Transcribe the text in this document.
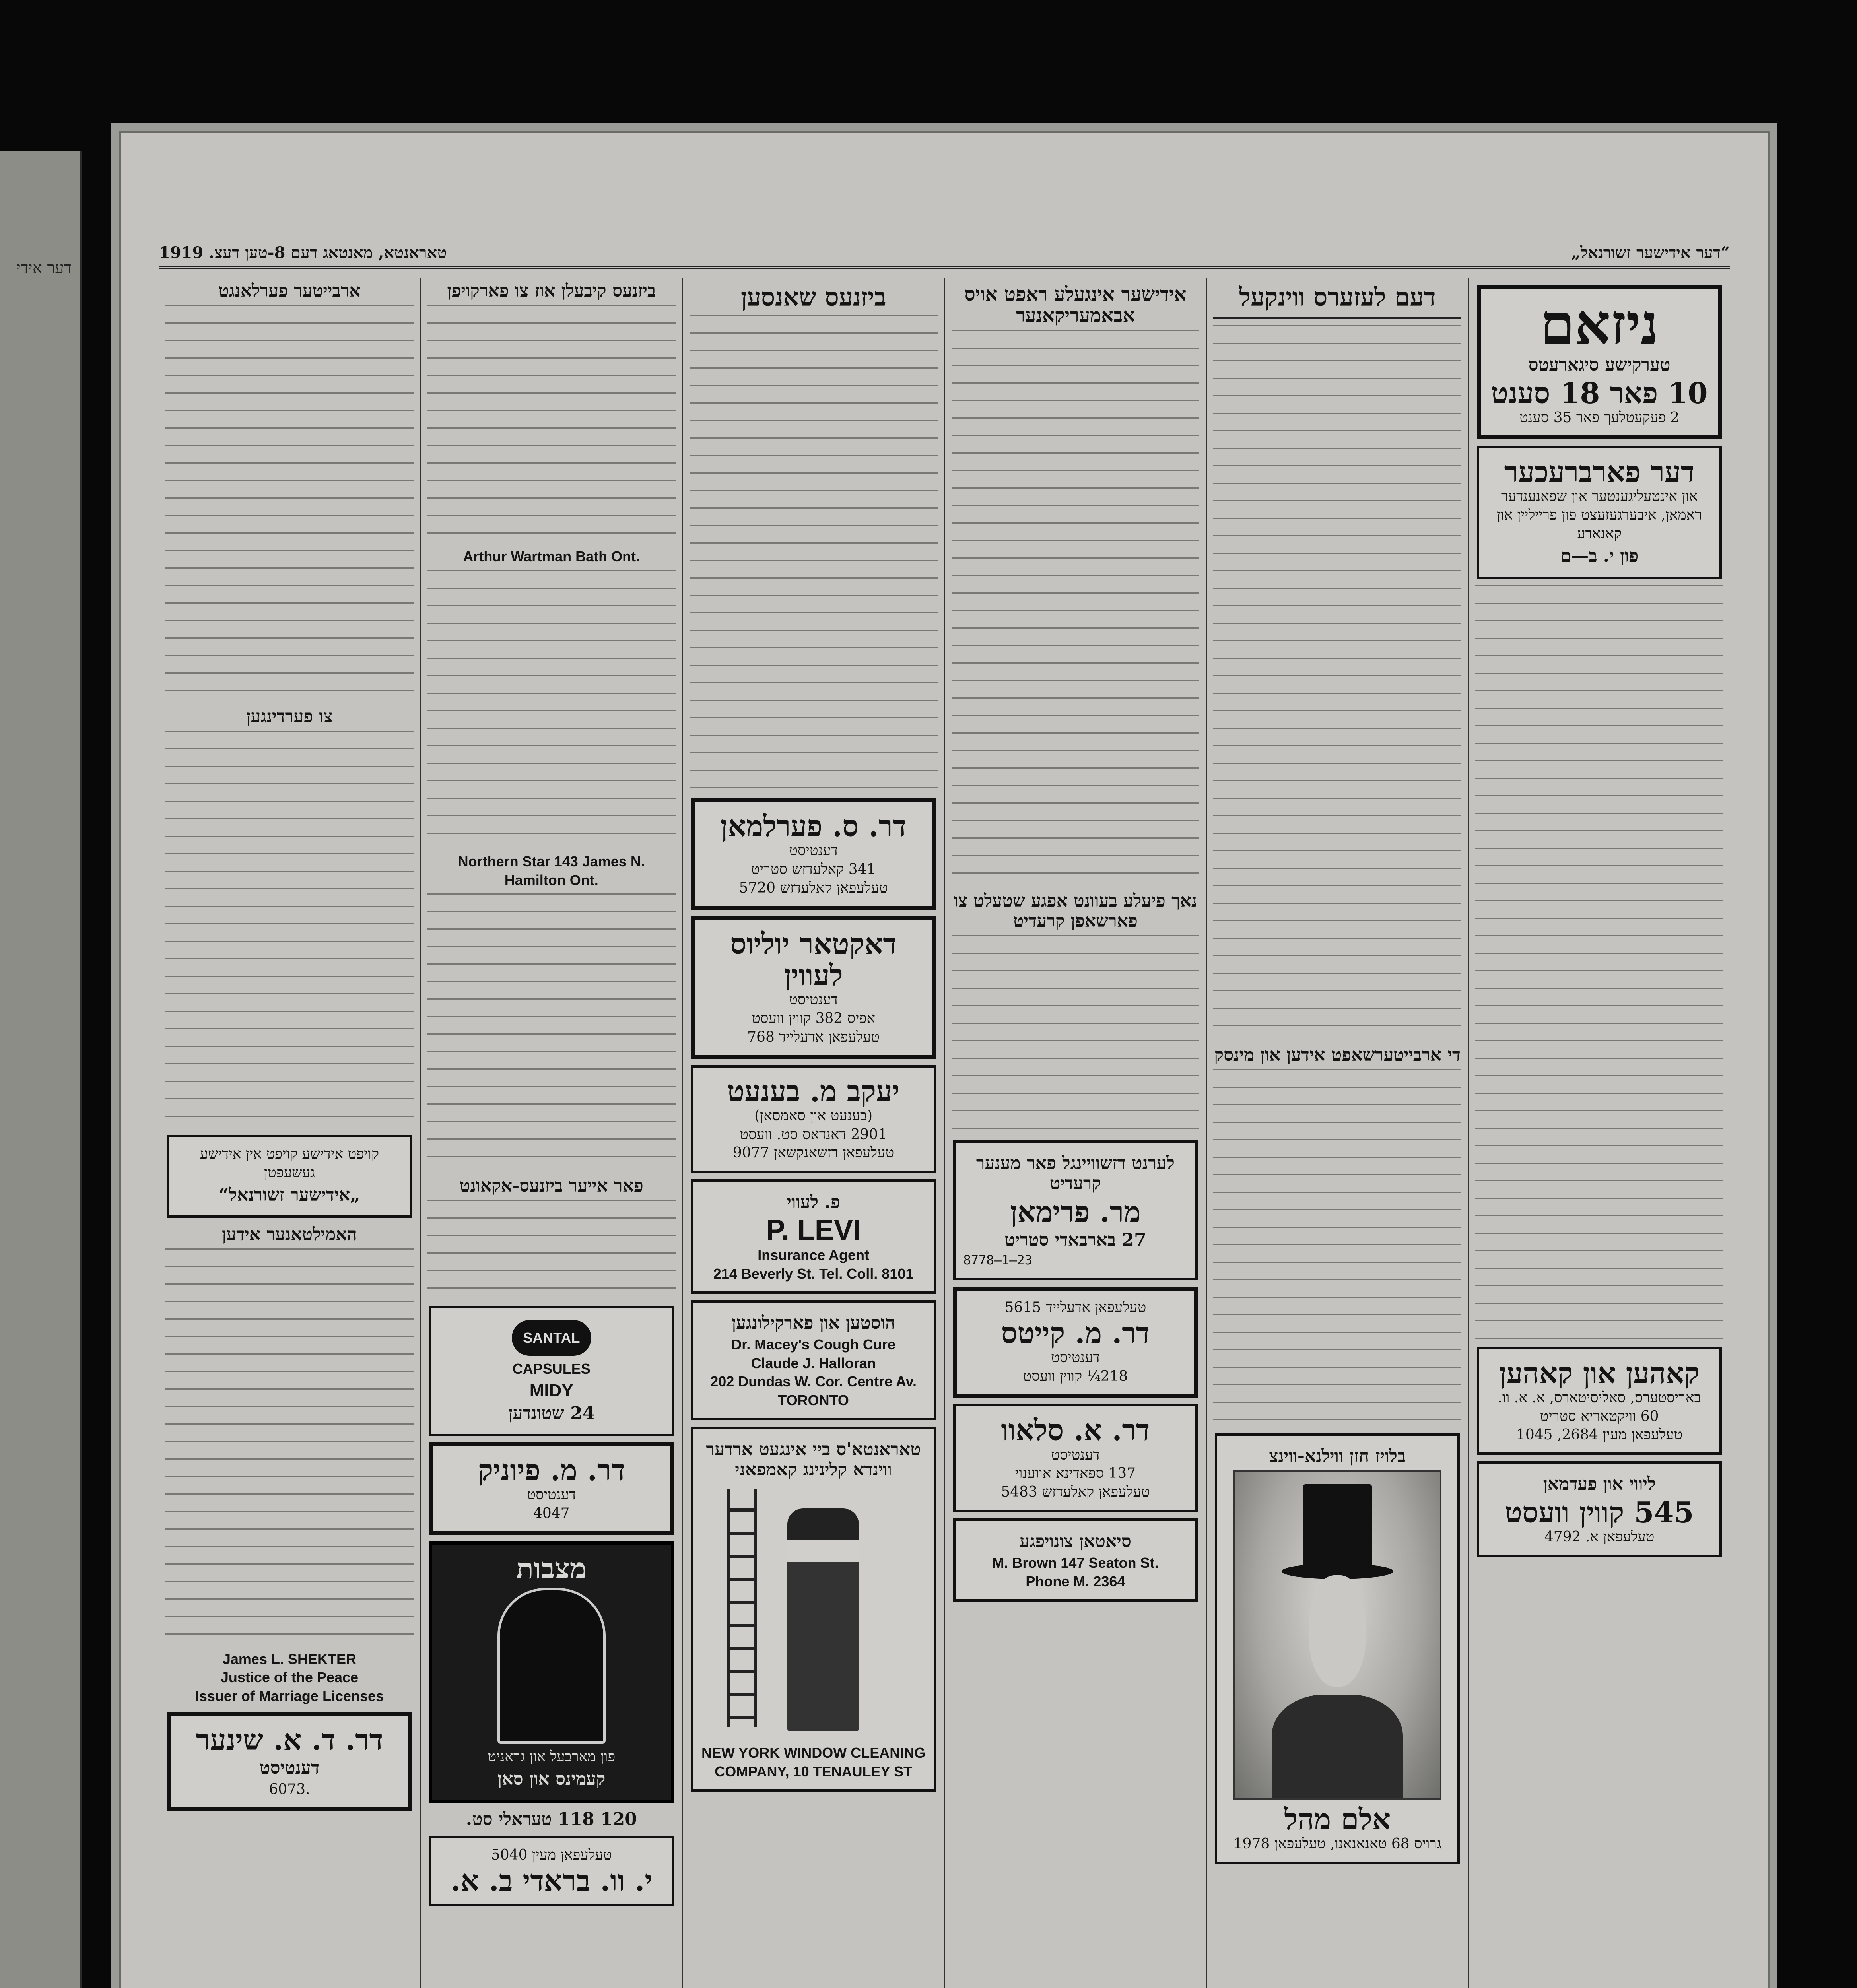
דער אידי
טאראנטא, מאנטאג דעם 8-טען דעצ. 1919	„דער אידישער זשורנאל“
ניזאם
טערקישע סיגארעטס
10 פאר 18 סענט
2 פעקעטלעך פאר 35 סענט
דער פארברעכער
און אינטעליגענטער און שפאנענדער ראמאן, איבערגעזעצט פון פרייליין און קאנאדע
פון י. ב—ם
קאהען און קאהען
באריסטערס, סאליסיטארס, א. א. וו.
60 וויקטאריא סטריט
טעלעפאן מעין 2684, 1045
ליווי און פעדמאן
545 קווין וועסט
טעלעפאן א. 4792
דעם לעזערס ווינקעל
די ארבייטערשאפט אידען און מינסק
בלויז חזן ווילנא-ווינצ
אלם מהל
גרויס 68 טאנאנאנו, טעלעפאן 1978
אידישער אינגעלע ראפט אויס אבאמעריקאנער
נאך פיעלע בעוונט אפגע שטעלט צו פארשאפן קרעדיט
לערנט דזשוויינגל פאר מענער קרעדיט
מר. פרימאן
27 בארבאדי סטריט
8778—1—23
טעלעפאן אדעלייד 5615
דר. מ. קייטס
דענטיסט
218¼ קווין וועסט
דר. א. סלאוו
דענטיסט
137 ספאדינא אווענוי
טעלעפאן קאלעדזש 5483
סיאטאן צונויפגע
M. Brown 147 Seaton St.
Phone M. 2364
ביזנעס שאנסען
דר. ס. פערלמאן
דענטיסט
341 קאלעדזש סטריט
טעלעפאן קאלעדזש 5720
דאקטאר יוליוס לעווין
דענטיסט
אפיס 382 קווין וועסט
טעלעפאן אדעלייד 768
יעקב מ. בענעט
(בענעט און סאמסאן)
2901 דאנדאס סט. וועסט
טעלעפאן דזשאנקשאן 9077
פ. לעווי
P. LEVI
Insurance Agent
214 Beverly St. Tel. Coll. 8101
הוסטען און פארקילונגען
Dr. Macey's Cough Cure
Claude J. Halloran
202 Dundas W. Cor. Centre Av.
TORONTO
טאראנטא'ס ביי אינגעט ארדער ווינדא קלינינג קאמפאני
NEW YORK WINDOW CLEANING
COMPANY, 10 TENAULEY ST
ביזנעס קיבעלן אוז צו פארקויפן
Arthur Wartman Bath Ont.
Northern Star 143 James N. Hamilton Ont.
פאר אייער ביזנעס-אקאונט
SANTAL
CAPSULES
MIDY
24 שטונדען
דר. מ. פיוניק
דענטיסט
4047
מצבות
פון מארבעל און גראניט
קעמינס און סאן
120 118 טעראלי סט.
טעלעפאן מעין 5040
י. וו. בראדי ב. א.
ארבייטער פערלאנגט
צו פערדינגען
קויפט אידישע קויפט אין אידישע געשעפטן
„אידישער זשורנאל“
האמילטאנער אידען
James L. SHEKTER
Justice of the Peace
Issuer of Marriage Licenses
דר. ד. א. שינער
דענטיסט
.6073
